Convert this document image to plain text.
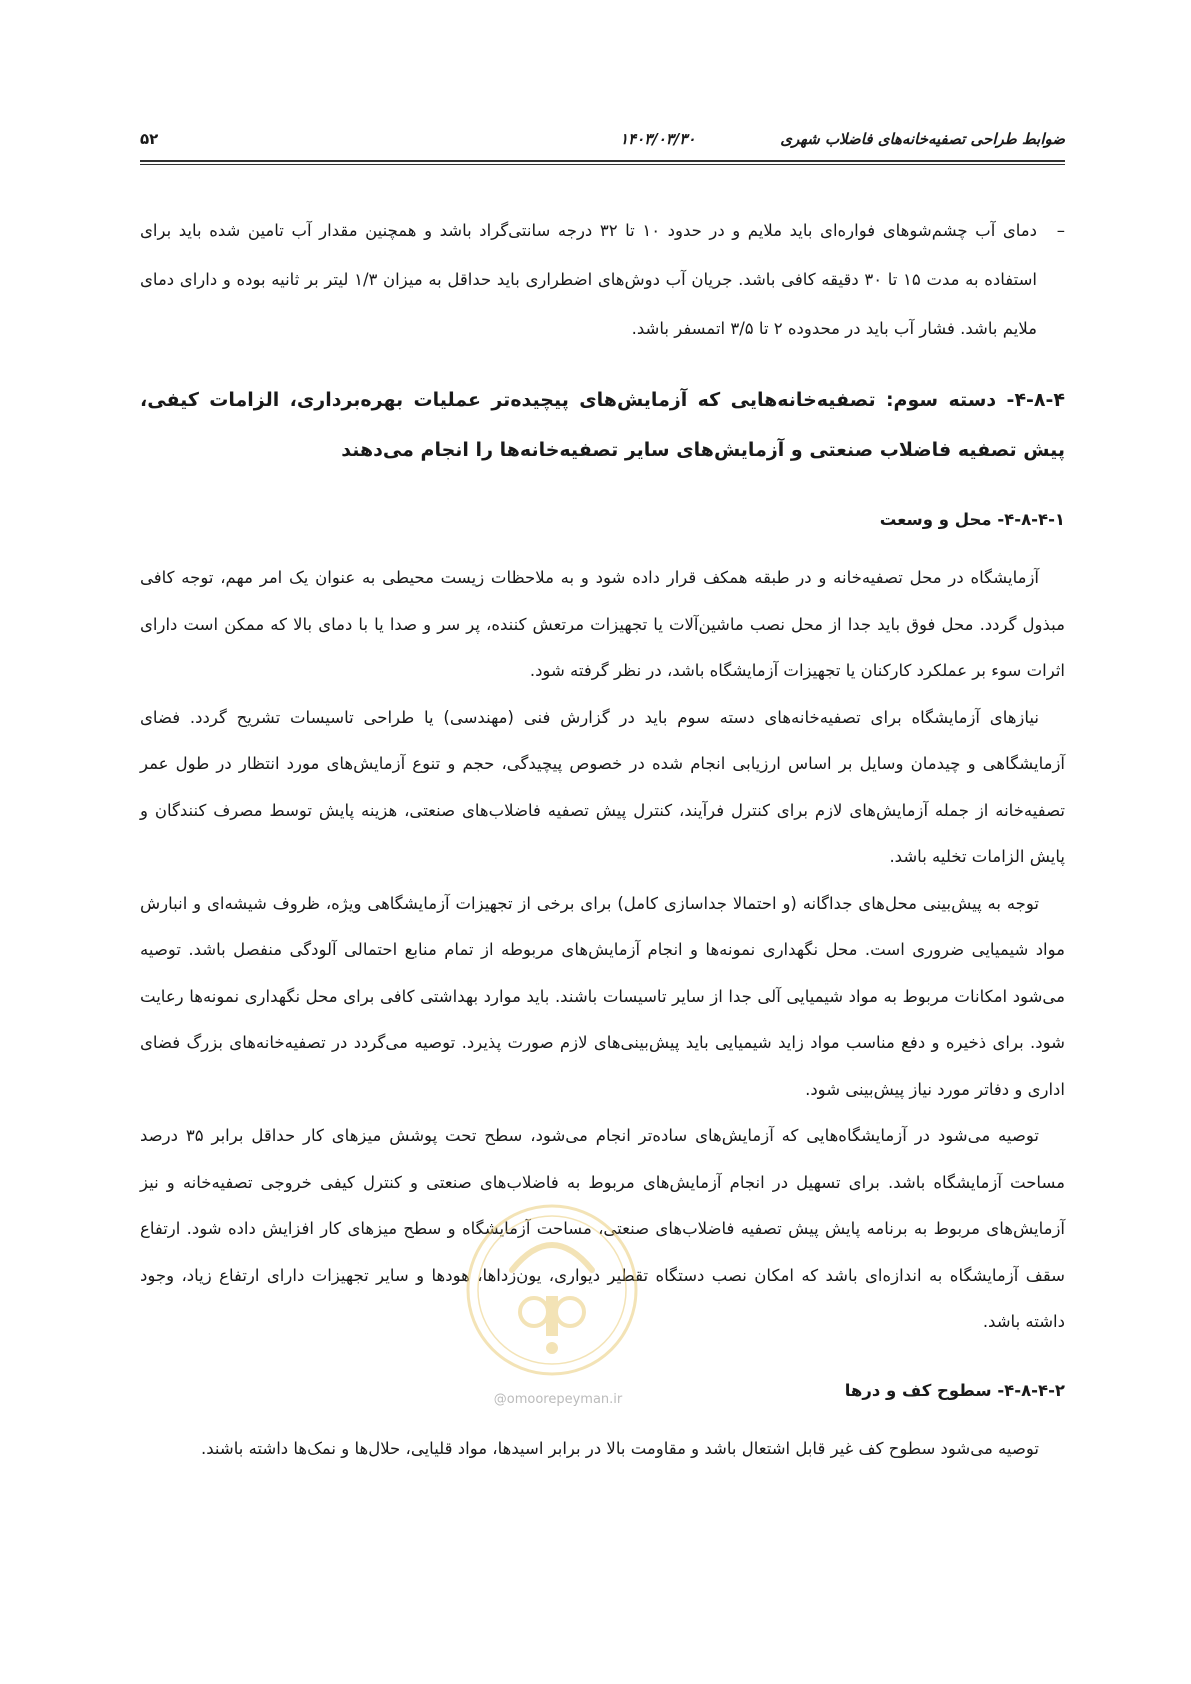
ضوابط طراحی تصفیه‌خانه‌های فاضلاب شهری
۱۴۰۳/۰۳/۳۰
۵۲
–
دمای آب چشم‌شوهای فواره‌ای باید ملایم و در حدود ۱۰ تا ۳۲ درجه سانتی‌گراد باشد و همچنین مقدار آب تامین شده باید برای استفاده به مدت ۱۵ تا ۳۰ دقیقه کافی باشد. جریان آب دوش‌های اضطراری باید حداقل به میزان ۱/۳ لیتر بر ثانیه بوده و دارای دمای ملایم باشد. فشار آب باید در محدوده ۲ تا ۳/۵ اتمسفر باشد.
۴-۸-۴- دسته سوم: تصفیه‌خانه‌هایی که آزمایش‌های پیچیده‌تر عملیات بهره‌برداری، الزامات کیفی، پیش تصفیه فاضلاب صنعتی و آزمایش‌های سایر تصفیه‌خانه‌ها را انجام می‌دهند
۴-۸-۴-۱- محل و وسعت

آزمایشگاه در محل تصفیه‌خانه و در طبقه همکف قرار داده شود و به ملاحظات زیست محیطی به عنوان یک امر مهم، توجه کافی مبذول گردد. محل فوق باید جدا از محل نصب ماشین‌آلات یا تجهیزات مرتعش کننده، پر سر و صدا یا با دمای بالا که ممکن است دارای اثرات سوء بر عملکرد کارکنان یا تجهیزات آزمایشگاه باشد، در نظر گرفته شود.

نیازهای آزمایشگاه برای تصفیه‌خانه‌های دسته سوم باید در گزارش فنی (مهندسی) یا طراحی تاسیسات تشریح گردد. فضای آزمایشگاهی و چیدمان وسایل بر اساس ارزیابی انجام شده در خصوص پیچیدگی، حجم و تنوع آزمایش‌های مورد انتظار در طول عمر تصفیه‌خانه از جمله آزمایش‌های لازم برای کنترل فرآیند، کنترل پیش تصفیه فاضلاب‌های صنعتی، هزینه پایش توسط مصرف کنندگان و پایش الزامات تخلیه باشد.

توجه به پیش‌بینی محل‌های جداگانه (و احتمالا جداسازی کامل) برای برخی از تجهیزات آزمایشگاهی ویژه، ظروف شیشه‌ای و انبارش مواد شیمیایی ضروری است. محل نگهداری نمونه‌ها و انجام آزمایش‌های مربوطه از تمام منابع احتمالی آلودگی منفصل باشد. توصیه می‌شود امکانات مربوط به مواد شیمیایی آلی جدا از سایر تاسیسات باشند. باید موارد بهداشتی کافی برای محل نگهداری نمونه‌ها رعایت شود. برای ذخیره و دفع مناسب مواد زاید شیمیایی باید پیش‌بینی‌های لازم صورت پذیرد. توصیه می‌گردد در تصفیه‌خانه‌های بزرگ فضای اداری و دفاتر مورد نیاز پیش‌بینی شود.

توصیه می‌شود در آزمایشگاه‌هایی که آزمایش‌های ساده‌تر انجام می‌شود، سطح تحت پوشش میزهای کار حداقل برابر ۳۵ درصد مساحت آزمایشگاه باشد. برای تسهیل در انجام آزمایش‌های مربوط به فاضلاب‌های صنعتی و کنترل کیفی خروجی تصفیه‌خانه و نیز آزمایش‌های مربوط به برنامه پایش پیش تصفیه فاضلاب‌های صنعتی، مساحت آزمایشگاه و سطح میزهای کار افزایش داده شود. ارتفاع سقف آزمایشگاه به اندازه‌ای باشد که امکان نصب دستگاه تقطیر دیواری، یون‌زداها، هودها و سایر تجهیزات دارای ارتفاع زیاد، وجود داشته باشد.

۴-۸-۴-۲- سطوح کف و درها

توصیه می‌شود سطوح کف غیر قابل اشتعال باشد و مقاومت بالا در برابر اسیدها، مواد قلیایی، حلال‌ها و نمک‌ها داشته باشند.

@omoorepeyman.ir
